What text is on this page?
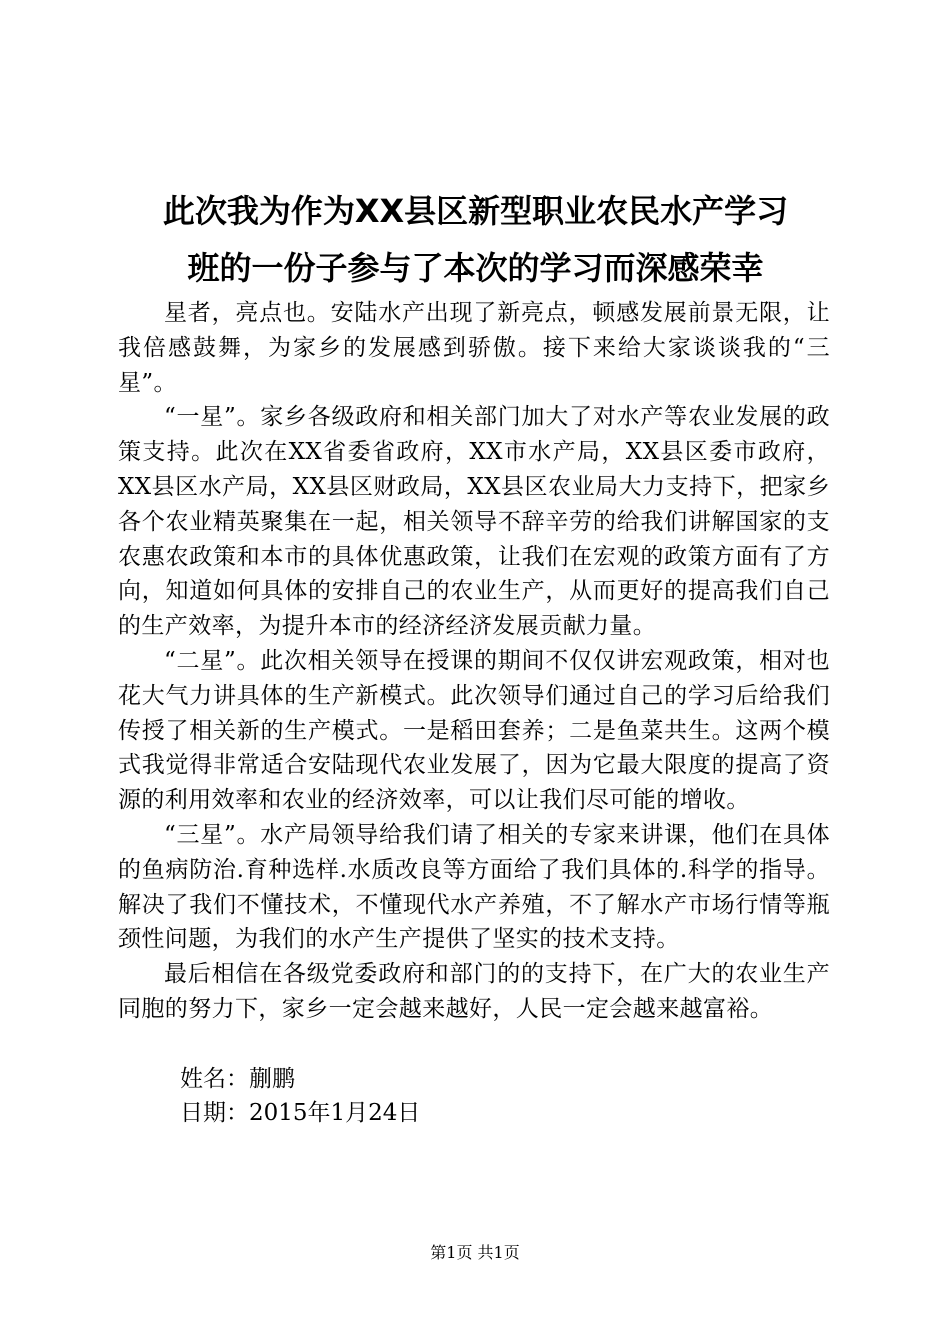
此次我为作为XX县区新型职业农民水产学习
班的一份子参与了本次的学习而深感荣幸

星者，亮点也。安陆水产出现了新亮点，顿感发展前景无限，让我倍感鼓舞，为家乡的发展感到骄傲。接下来给大家谈谈我的“三星”。

“一星”。家乡各级政府和相关部门加大了对水产等农业发展的政策支持。此次在XX省委省政府，XX市水产局，XX县区委市政府，XX县区水产局，XX县区财政局，XX县区农业局大力支持下，把家乡各个农业精英聚集在一起，相关领导不辞辛劳的给我们讲解国家的支农惠农政策和本市的具体优惠政策，让我们在宏观的政策方面有了方向，知道如何具体的安排自己的农业生产，从而更好的提高我们自己的生产效率，为提升本市的经济经济发展贡献力量。

“二星”。此次相关领导在授课的期间不仅仅讲宏观政策，相对也花大气力讲具体的生产新模式。此次领导们通过自己的学习后给我们传授了相关新的生产模式。一是稻田套养；二是鱼菜共生。这两个模式我觉得非常适合安陆现代农业发展了，因为它最大限度的提高了资源的利用效率和农业的经济效率，可以让我们尽可能的增收。

“三星”。水产局领导给我们请了相关的专家来讲课，他们在具体的鱼病防治.育种选样.水质改良等方面给了我们具体的.科学的指导。解决了我们不懂技术，不懂现代水产养殖，不了解水产市场行情等瓶颈性问题，为我们的水产生产提供了坚实的技术支持。

最后相信在各级党委政府和部门的的支持下，在广大的农业生产同胞的努力下，家乡一定会越来越好，人民一定会越来越富裕。

姓名：蒯鹏
日期：2015年1月24日
第1页 共1页
